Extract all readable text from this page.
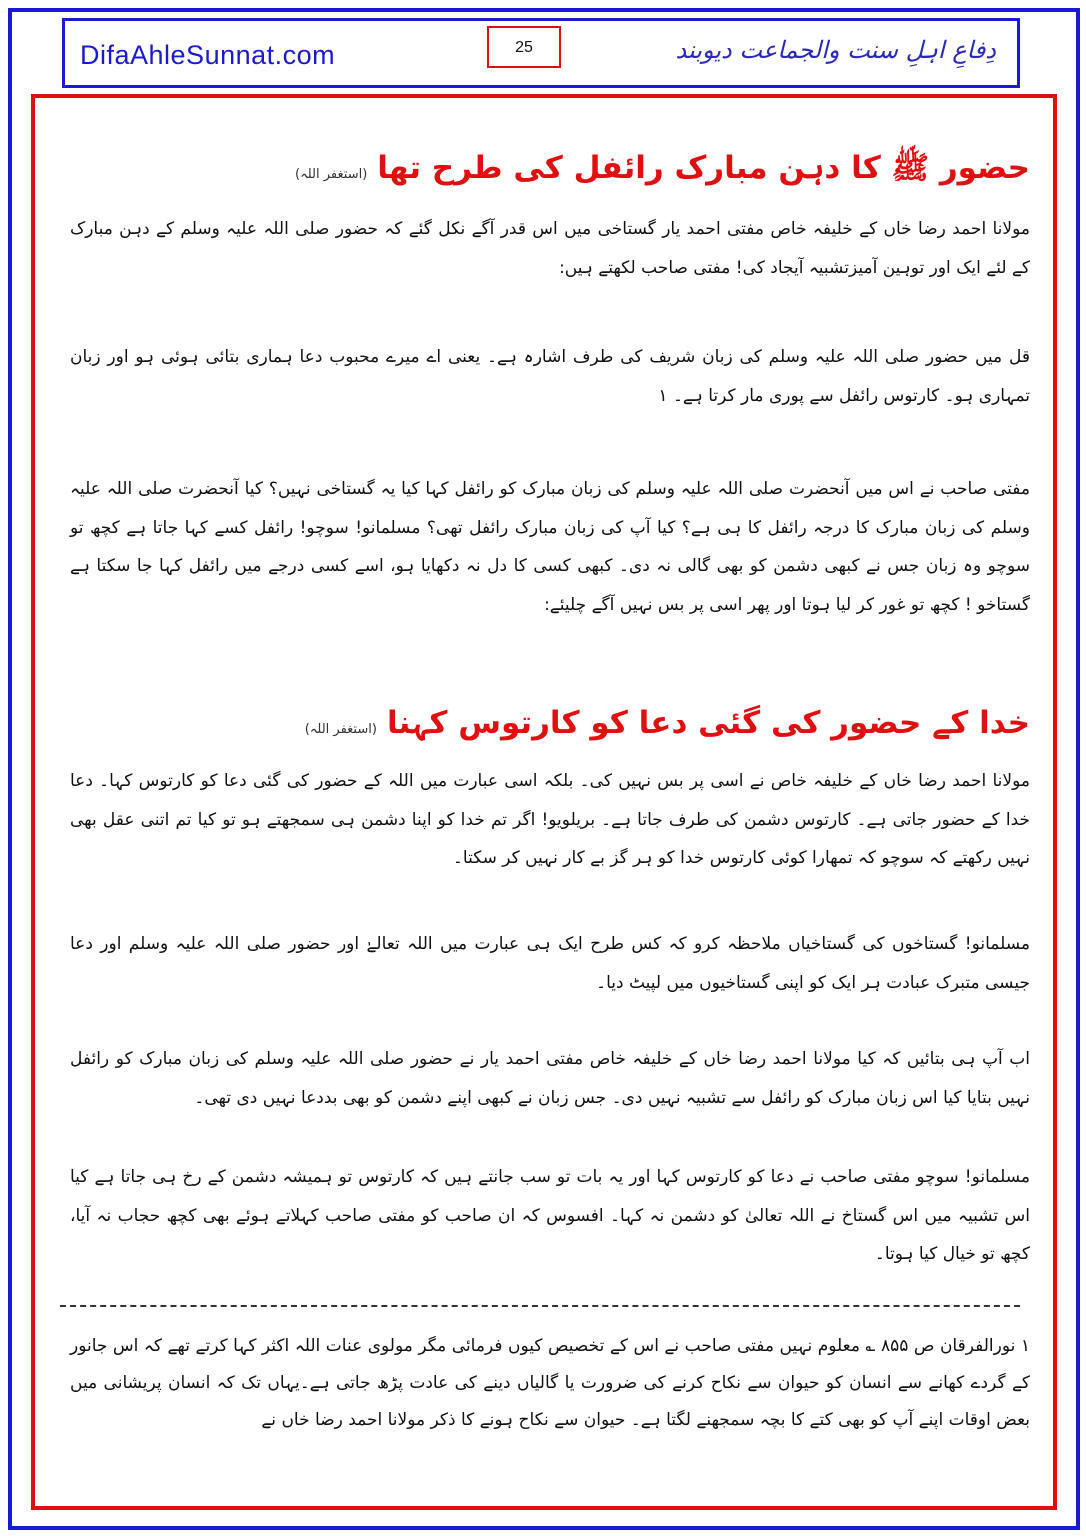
DifaAhleSunnat.com	25	دِفاعِ اہلِ سنت والجماعت دیوبند
حضور ﷺ کا دہن مبارک رائفل کی طرح تھا(استغفر اللہ)
مولانا احمد رضا خاں کے خلیفہ خاص مفتی احمد یار گستاخی میں اس قدر آگے نکل گئے کہ حضور صلی اللہ علیہ وسلم کے دہن مبارک کے لئے ایک اور توہین آمیزتشبیہ آیجاد کی! مفتی صاحب لکھتے ہیں:
قل میں حضور صلی اللہ علیہ وسلم کی زبان شریف کی طرف اشارہ ہے۔ یعنی اے میرے محبوب دعا ہماری بتائی ہوئی ہو اور زبان تمہاری ہو۔ کارتوس رائفل سے پوری مار کرتا ہے۔ ۱
مفتی صاحب نے اس میں آنحضرت صلی اللہ علیہ وسلم کی زبان مبارک کو رائفل کہا کیا یہ گستاخی نہیں؟ کیا آنحضرت صلی اللہ علیہ وسلم کی زبان مبارک کا درجہ رائفل کا ہی ہے؟ کیا آپ کی زبان مبارک رائفل تھی؟ مسلمانو! سوچو! رائفل کسے کہا جاتا ہے کچھ تو سوچو وہ زبان جس نے کبھی دشمن کو بھی گالی نہ دی۔ کبھی کسی کا دل نہ دکھایا ہو، اسے کسی درجے میں رائفل کہا جا سکتا ہے گستاخو ! کچھ تو غور کر لیا ہوتا اور پھر اسی پر بس نہیں آگے چلیئے:
خدا کے حضور کی گئی دعا کو کارتوس کہنا(استغفر اللہ)
مولانا احمد رضا خاں کے خلیفہ خاص نے اسی پر بس نہیں کی۔ بلکہ اسی عبارت میں اللہ کے حضور کی گئی دعا کو کارتوس کہا۔ دعا خدا کے حضور جاتی ہے۔ کارتوس دشمن کی طرف جاتا ہے۔ بریلویو! اگر تم خدا کو اپنا دشمن ہی سمجھتے ہو تو کیا تم اتنی عقل بھی نہیں رکھتے کہ سوچو کہ تمھارا کوئی کارتوس خدا کو ہر گز بے کار نہیں کر سکتا۔
مسلمانو! گستاخوں کی گستاخیاں ملاحظہ کرو کہ کس طرح ایک ہی عبارت میں اللہ تعالےٰ اور حضور صلی اللہ علیہ وسلم اور دعا جیسی متبرک عبادت ہر ایک کو اپنی گستاخیوں میں لپیٹ دیا۔
اب آپ ہی بتائیں کہ کیا مولانا احمد رضا خاں کے خلیفہ خاص مفتی احمد یار نے حضور صلی اللہ علیہ وسلم کی زبان مبارک کو رائفل نہیں بتایا کیا اس زبان مبارک کو رائفل سے تشبیہ نہیں دی۔ جس زبان نے کبھی اپنے دشمن کو بھی بددعا نہیں دی تھی۔
مسلمانو! سوچو مفتی صاحب نے دعا کو کارتوس کہا اور یہ بات تو سب جانتے ہیں کہ کارتوس تو ہمیشہ دشمن کے رخ ہی جاتا ہے کیا اس تشبیہ میں اس گستاخ نے اللہ تعالیٰ کو دشمن نہ کہا۔ افسوس کہ ان صاحب کو مفتی صاحب کہلاتے ہوئے بھی کچھ حجاب نہ آیا، کچھ تو خیال کیا ہوتا۔
۱ نورالفرقان ص ۸۵۵ ؎ معلوم نہیں مفتی صاحب نے اس کے تخصیص کیوں فرمائی مگر مولوی عنات اللہ اکثر کہا کرتے تھے کہ اس جانور کے گردے کھانے سے انسان کو حیوان سے نکاح کرنے کی ضرورت یا گالیاں دینے کی عادت پڑھ جاتی ہے۔یہاں تک کہ انسان پریشانی میں بعض اوقات اپنے آپ کو بھی کتے کا بچہ سمجھنے لگتا ہے۔ حیوان سے نکاح ہونے کا ذکر مولانا احمد رضا خاں نے
